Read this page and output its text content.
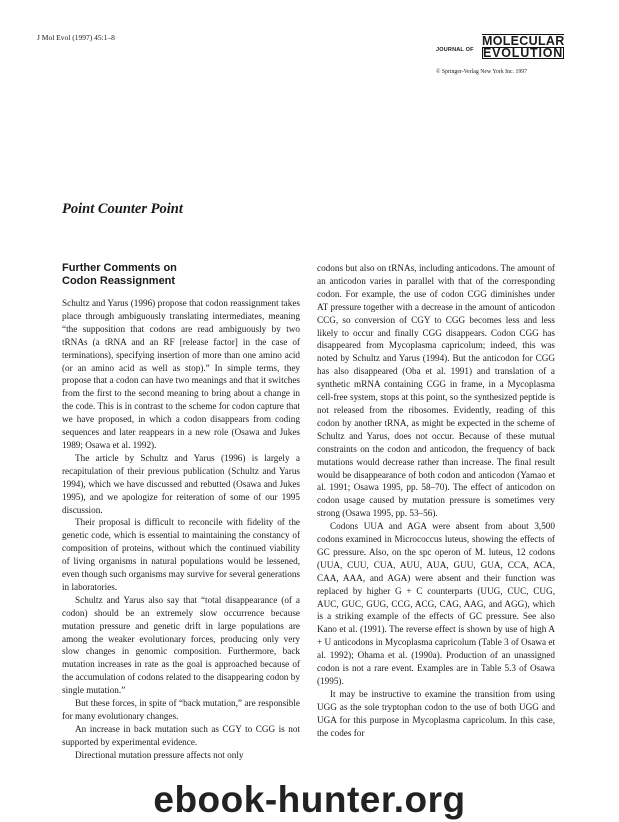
J Mol Evol (1997) 45:1–8
JOURNAL OF
MOLECULAR
EVOLUTION
© Springer-Verlag New York Inc. 1997
Point Counter Point
Further Comments on
Codon Reassignment

Schultz and Yarus (1996) propose that codon reassignment takes place through ambiguously translating intermediates, meaning “the supposition that codons are read ambiguously by two tRNAs (a tRNA and an RF [release factor] in the case of terminations), specifying insertion of more than one amino acid (or an amino acid as well as stop).” In simple terms, they propose that a codon can have two meanings and that it switches from the first to the second meaning to bring about a change in the code. This is in contrast to the scheme for codon capture that we have proposed, in which a codon disappears from coding sequences and later reappears in a new role (Osawa and Jukes 1989; Osawa et al. 1992).

The article by Schultz and Yarus (1996) is largely a recapitulation of their previous publication (Schultz and Yarus 1994), which we have discussed and rebutted (Osawa and Jukes 1995), and we apologize for reiteration of some of our 1995 discussion.

Their proposal is difficult to reconcile with fidelity of the genetic code, which is essential to maintaining the constancy of composition of proteins, without which the continued viability of living organisms in natural populations would be lessened, even though such organisms may survive for several generations in laboratories.

Schultz and Yarus also say that “total disappearance (of a codon) should be an extremely slow occurrence because mutation pressure and genetic drift in large populations are among the weaker evolutionary forces, producing only very slow changes in genomic composition. Furthermore, back mutation increases in rate as the goal is approached because of the accumulation of codons related to the disappearing codon by single mutation.”

But these forces, in spite of “back mutation,” are responsible for many evolutionary changes.

An increase in back mutation such as CGY to CGG is not supported by experimental evidence.

Directional mutation pressure affects not only

codons but also on tRNAs, including anticodons. The amount of an anticodon varies in parallel with that of the corresponding codon. For example, the use of codon CGG diminishes under AT pressure together with a decrease in the amount of anticodon CCG, so conversion of CGY to CGG becomes less and less likely to occur and finally CGG disappears. Codon CGG has disappeared from Mycoplasma capricolum; indeed, this was noted by Schultz and Yarus (1994). But the anticodon for CGG has also disappeared (Oba et al. 1991) and translation of a synthetic mRNA containing CGG in frame, in a Mycoplasma cell-free system, stops at this point, so the synthesized peptide is not released from the ribosomes. Evidently, reading of this codon by another tRNA, as might be expected in the scheme of Schultz and Yarus, does not occur. Because of these mutual constraints on the codon and anticodon, the frequency of back mutations would decrease rather than increase. The final result would be disappearance of both codon and anticodon (Yamao et al. 1991; Osawa 1995, pp. 58–70). The effect of anticodon on codon usage caused by mutation pressure is sometimes very strong (Osawa 1995, pp. 53–56).

Codons UUA and AGA were absent from about 3,500 codons examined in Micrococcus luteus, showing the effects of GC pressure. Also, on the spc operon of M. luteus, 12 codons (UUA, CUU, CUA, AUU, AUA, GUU, GUA, CCA, ACA, CAA, AAA, and AGA) were absent and their function was replaced by higher G + C counterparts (UUG, CUC, CUG, AUC, GUC, GUG, CCG, ACG, CAG, AAG, and AGG), which is a striking example of the effects of GC pressure. See also Kano et al. (1991). The reverse effect is shown by use of high A + U anticodons in Mycoplasma capricolum (Table 3 of Osawa et al. 1992); Ohama et al. (1990a). Production of an unassigned codon is not a rare event. Examples are in Table 5.3 of Osawa (1995).

It may be instructive to examine the transition from using UGG as the sole tryptophan codon to the use of both UGG and UGA for this purpose in Mycoplasma capricolum. In this case, the codes for

ebook-hunter.org
